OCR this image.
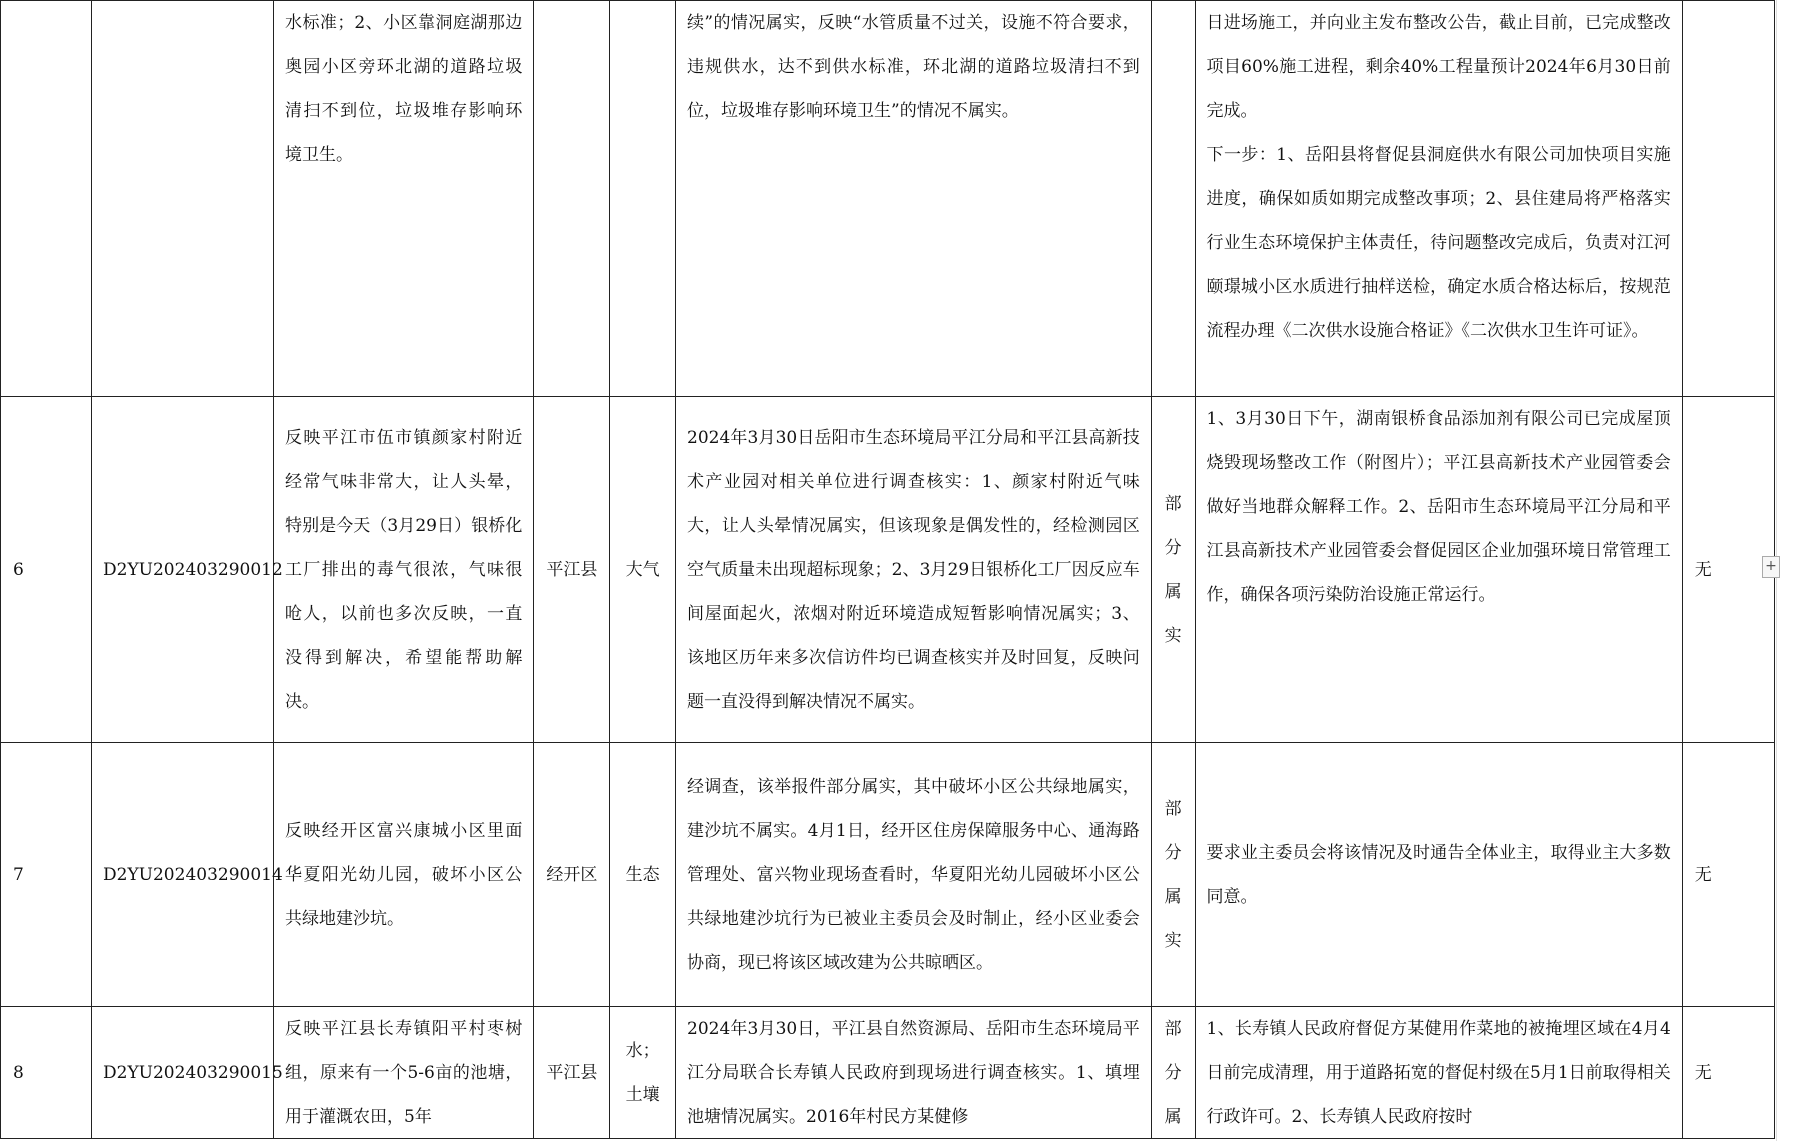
		水标准；2、小区靠洞庭湖那边奥园小区旁环北湖的道路垃圾清扫不到位，垃圾堆存影响环境卫生。			续”的情况属实，反映“水管质量不过关，设施不符合要求，违规供水，达不到供水标准，环北湖的道路垃圾清扫不到位，垃圾堆存影响环境卫生”的情况不属实。		日进场施工，并向业主发布整改公告，截止目前，已完成整改项目60%施工进程，剩余40%工程量预计2024年6月30日前完成。
下一步：1、岳阳县将督促县洞庭供水有限公司加快项目实施进度，确保如质如期完成整改事项；2、县住建局将严格落实行业生态环境保护主体责任，待问题整改完成后，负责对江河颐璟城小区水质进行抽样送检，确定水质合格达标后，按规范流程办理《二次供水设施合格证》《二次供水卫生许可证》。	

6	D2YU202403290012	反映平江市伍市镇颜家村附近经常气味非常大，让人头晕，特别是今天（3月29日）银桥化工厂排出的毒气很浓，气味很呛人，以前也多次反映，一直没得到解决，希望能帮助解决。	平江县	大气	2024年3月30日岳阳市生态环境局平江分局和平江县高新技术产业园对相关单位进行调查核实：1、颜家村附近气味大，让人头晕情况属实，但该现象是偶发性的，经检测园区空气质量未出现超标现象；2、3月29日银桥化工厂因反应车间屋面起火，浓烟对附近环境造成短暂影响情况属实；3、该地区历年来多次信访件均已调查核实并及时回复，反映问题一直没得到解决情况不属实。	部分属实	1、3月30日下午，湖南银桥食品添加剂有限公司已完成屋顶烧毁现场整改工作（附图片）；平江县高新技术产业园管委会做好当地群众解释工作。2、岳阳市生态环境局平江分局和平江县高新技术产业园管委会督促园区企业加强环境日常管理工作，确保各项污染防治设施正常运行。	无

7	D2YU202403290014	反映经开区富兴康城小区里面华夏阳光幼儿园，破坏小区公共绿地建沙坑。	经开区	生态	经调查，该举报件部分属实，其中破坏小区公共绿地属实，建沙坑不属实。4月1日，经开区住房保障服务中心、通海路管理处、富兴物业现场查看时，华夏阳光幼儿园破坏小区公共绿地建沙坑行为已被业主委员会及时制止，经小区业委会协商，现已将该区域改建为公共晾晒区。	部分属实	要求业主委员会将该情况及时通告全体业主，取得业主大多数同意。	无

8	D2YU202403290015	反映平江县长寿镇阳平村枣树组，原来有一个5-6亩的池塘，用于灌溉农田，5年	平江县	水；
土壤	2024年3月30日，平江县自然资源局、岳阳市生态环境局平江分局联合长寿镇人民政府到现场进行调查核实。1、填埋池塘情况属实。2016年村民方某健修	部分属	1、长寿镇人民政府督促方某健用作菜地的被掩埋区域在4月4日前完成清理，用于道路拓宽的督促村级在5月1日前取得相关行政许可。2、长寿镇人民政府按时	无
+
